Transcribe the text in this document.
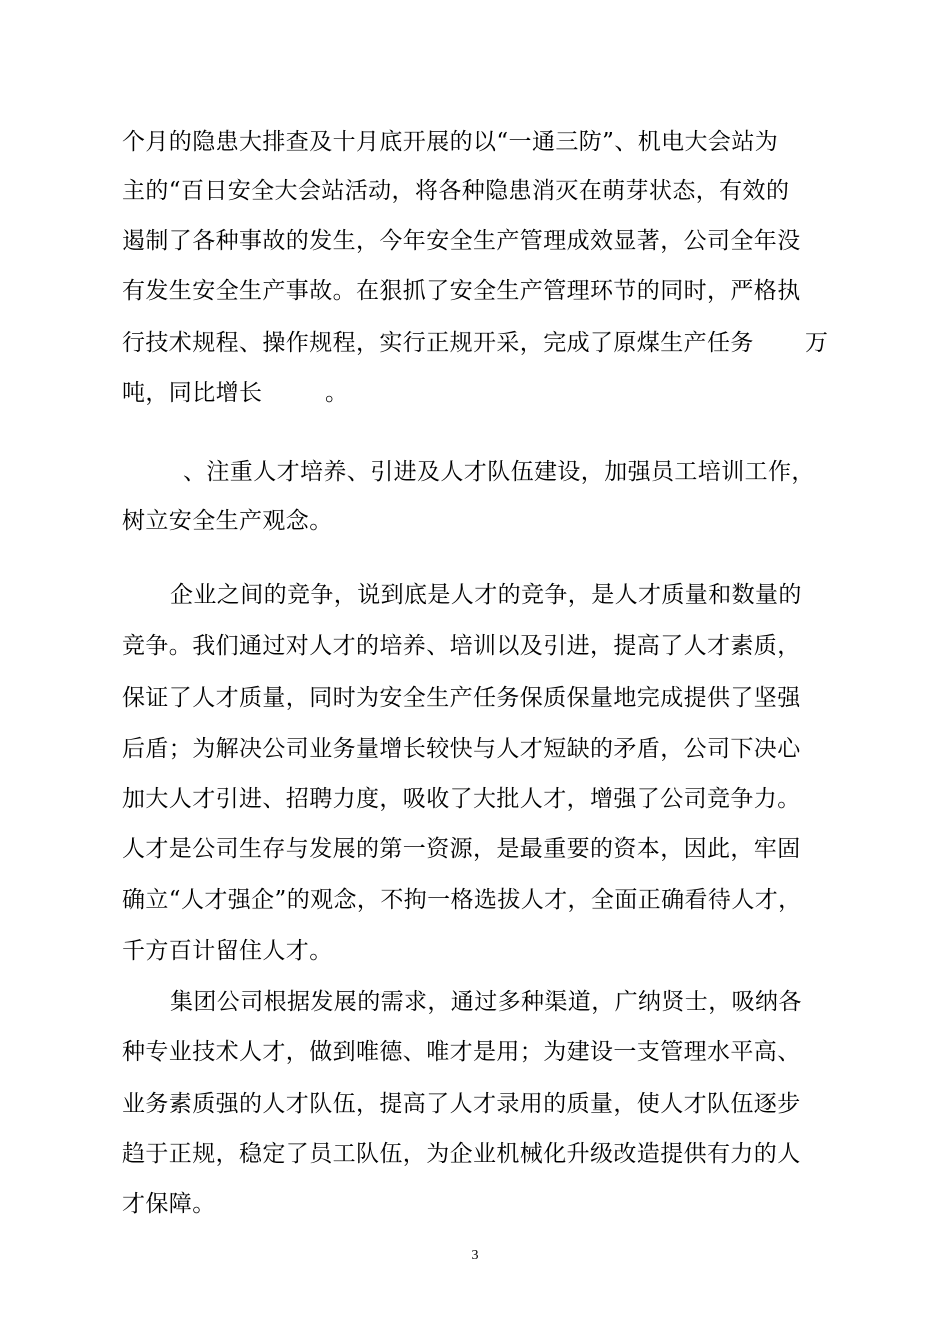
个月的隐患大排查及十月底开展的以“一通三防”、机电大会站为
主的“百日安全大会站活动，将各种隐患消灭在萌芽状态，有效的
遏制了各种事故的发生，今年安全生产管理成效显著，公司全年没
有发生安全生产事故。在狠抓了安全生产管理环节的同时，严格执
行技术规程、操作规程，实行正规开采，完成了原煤生产任务 万
吨，同比增长	。
、注重人才培养、引进及人才队伍建设，加强员工培训工作，
树立安全生产观念。
企业之间的竞争，说到底是人才的竞争，是人才质量和数量的
竞争。我们通过对人才的培养、培训以及引进，提高了人才素质，
保证了人才质量，同时为安全生产任务保质保量地完成提供了坚强
后盾；为解决公司业务量增长较快与人才短缺的矛盾，公司下决心
加大人才引进、招聘力度，吸收了大批人才，增强了公司竞争力。
人才是公司生存与发展的第一资源，是最重要的资本，因此，牢固
确立“人才强企”的观念，不拘一格选拔人才，全面正确看待人才，
千方百计留住人才。
集团公司根据发展的需求，通过多种渠道，广纳贤士，吸纳各
种专业技术人才，做到唯德、唯才是用；为建设一支管理水平高、
业务素质强的人才队伍，提高了人才录用的质量，使人才队伍逐步
趋于正规，稳定了员工队伍，为企业机械化升级改造提供有力的人
才保障。
3
